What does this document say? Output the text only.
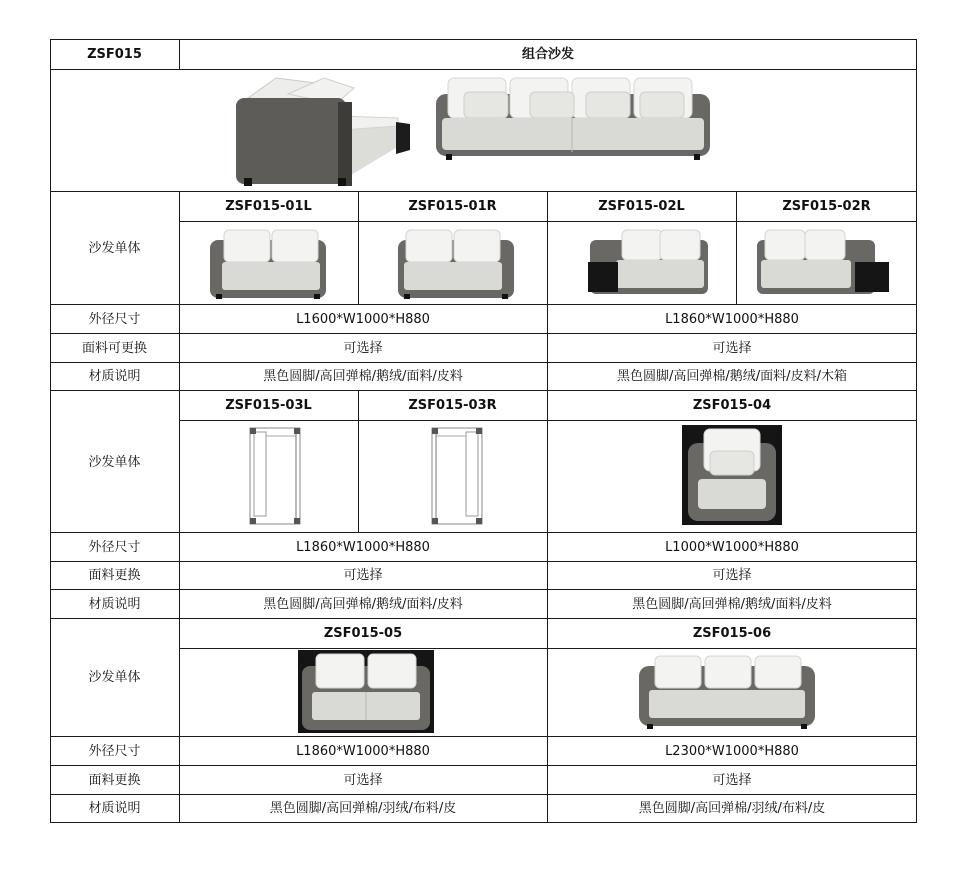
ZSF015	组合沙发
沙发单体
ZSF015-01L	ZSF015-01R	ZSF015-02L	ZSF015-02R
外径尺寸	L1600*W1000*H880	L1860*W1000*H880
面料可更换	可选择	可选择
材质说明	黑色圆脚/高回弹棉/鹅绒/面料/皮料	黑色圆脚/高回弹棉/鹅绒/面料/皮料/木箱
沙发单体
ZSF015-03L	ZSF015-03R	ZSF015-04
外径尺寸	L1860*W1000*H880	L1000*W1000*H880
面料更换	可选择	可选择
材质说明	黑色圆脚/高回弹棉/鹅绒/面料/皮料	黑色圆脚/高回弹棉/鹅绒/面料/皮料
沙发单体
ZSF015-05	ZSF015-06
外径尺寸	L1860*W1000*H880	L2300*W1000*H880
面料更换	可选择	可选择
材质说明	黑色圆脚/高回弹棉/羽绒/布料/皮	黑色圆脚/高回弹棉/羽绒/布料/皮
